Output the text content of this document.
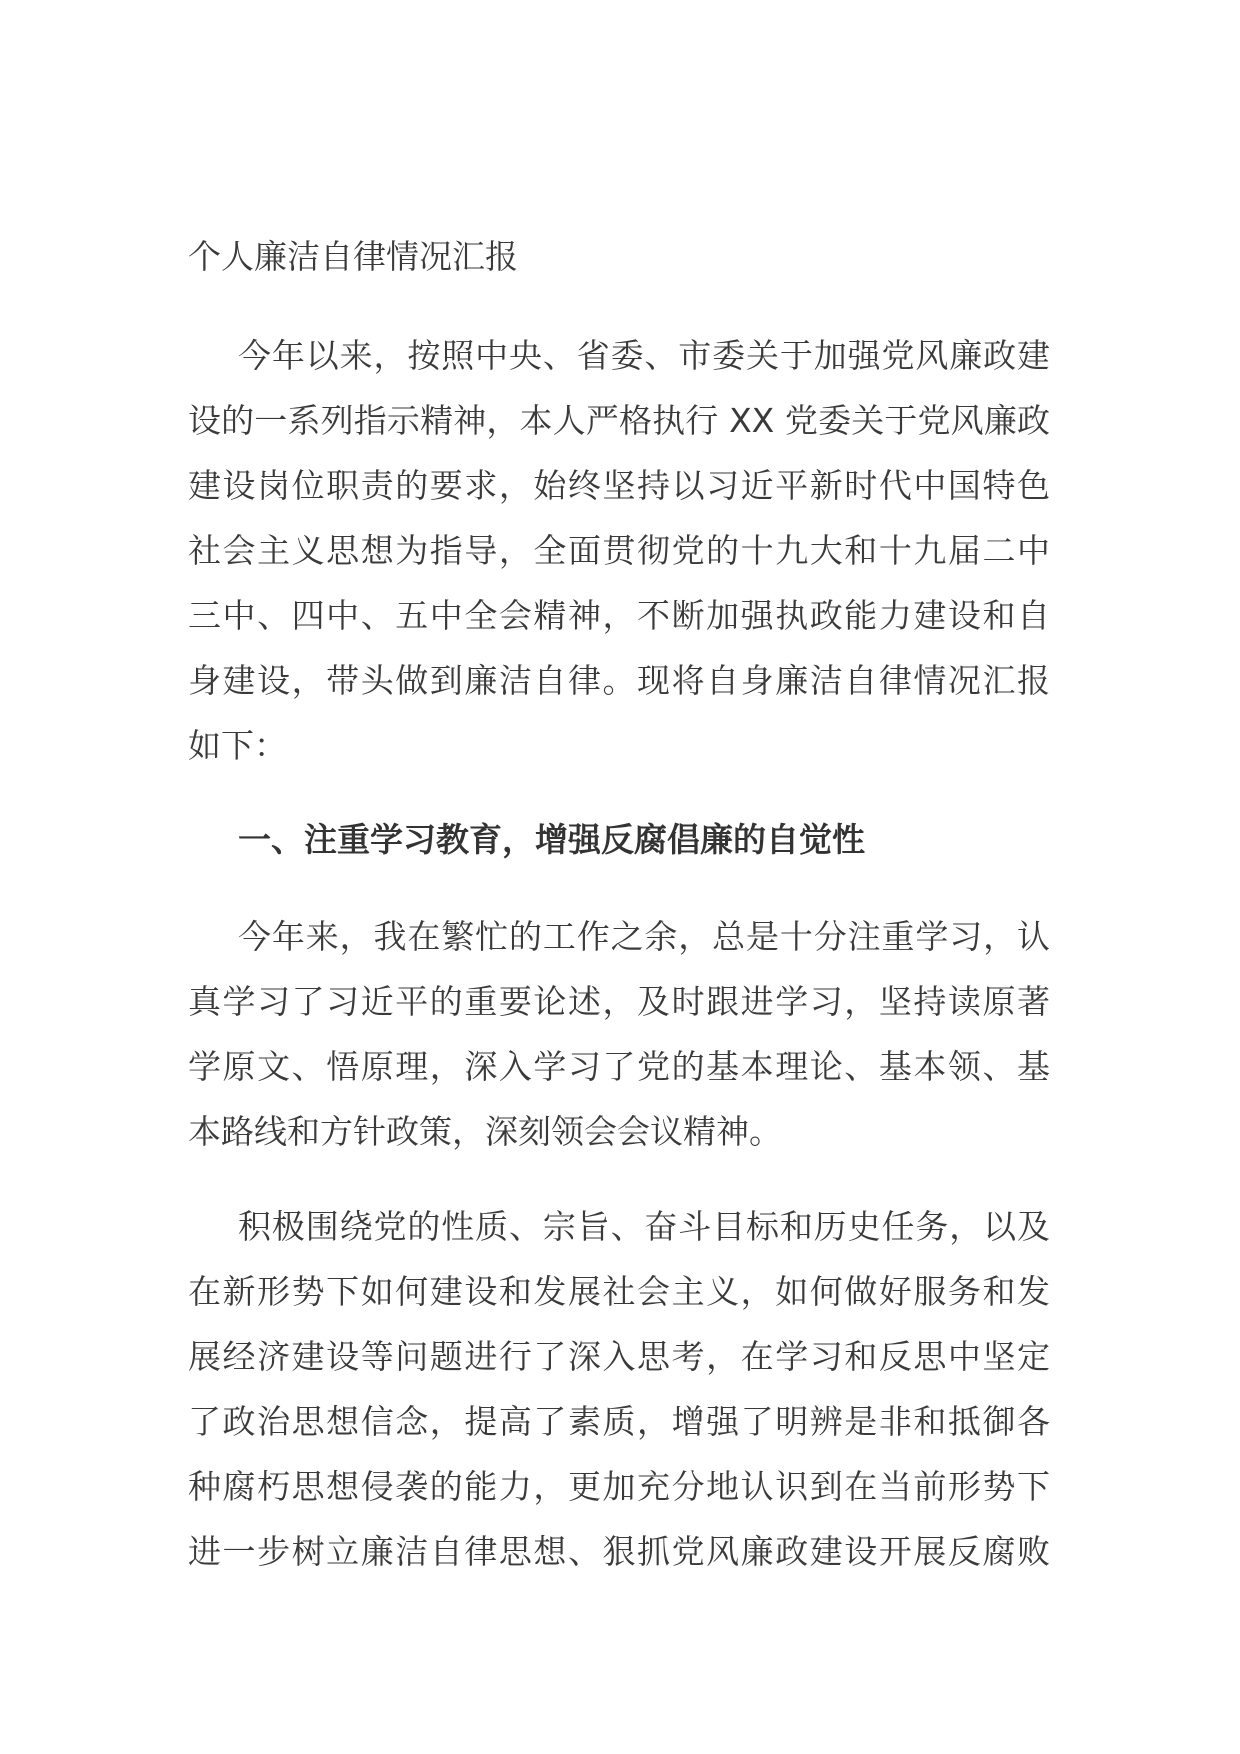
个人廉洁自律情况汇报
今年以来，按照中央、省委、市委关于加强党风廉政建
设的一系列指示精神，本人严格执行 XX 党委关于党风廉政
建设岗位职责的要求，始终坚持以习近平新时代中国特色
社会主义思想为指导，全面贯彻党的十九大和十九届二中
三中、四中、五中全会精神，不断加强执政能力建设和自
身建设，带头做到廉洁自律。现将自身廉洁自律情况汇报
如下：
一、注重学习教育，增强反腐倡廉的自觉性
今年来，我在繁忙的工作之余，总是十分注重学习，认
真学习了习近平的重要论述，及时跟进学习，坚持读原著
学原文、悟原理，深入学习了党的基本理论、基本领、基
本路线和方针政策，深刻领会会议精神。
积极围绕党的性质、宗旨、奋斗目标和历史任务，以及
在新形势下如何建设和发展社会主义，如何做好服务和发
展经济建设等问题进行了深入思考，在学习和反思中坚定
了政治思想信念，提高了素质，增强了明辨是非和抵御各
种腐朽思想侵袭的能力，更加充分地认识到在当前形势下
进一步树立廉洁自律思想、狠抓党风廉政建设开展反腐败
